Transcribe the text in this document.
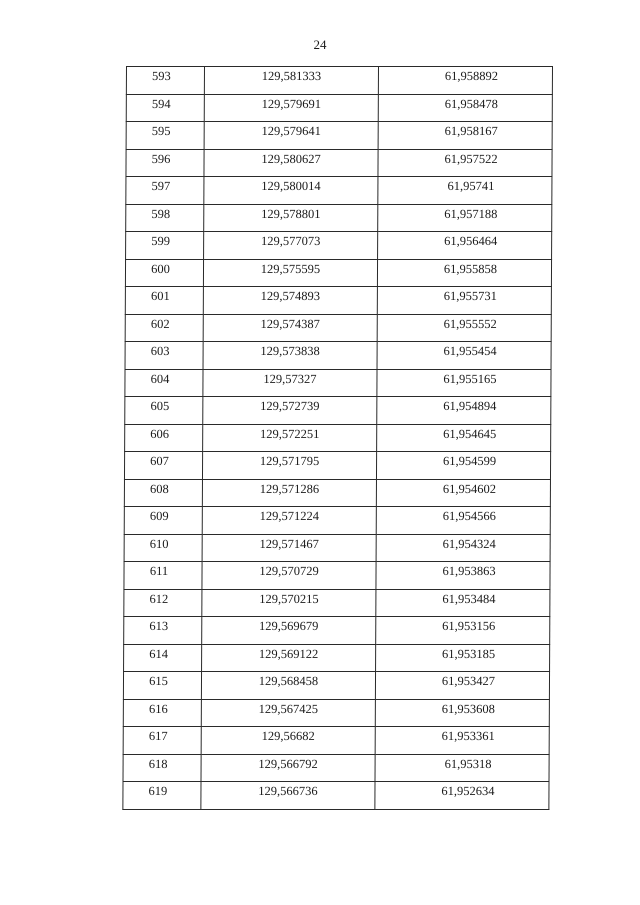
24
593	129,581333	61,958892
594	129,579691	61,958478
595	129,579641	61,958167
596	129,580627	61,957522
597	129,580014	61,95741
598	129,578801	61,957188
599	129,577073	61,956464
600	129,575595	61,955858
601	129,574893	61,955731
602	129,574387	61,955552
603	129,573838	61,955454
604	129,57327	61,955165
605	129,572739	61,954894
606	129,572251	61,954645
607	129,571795	61,954599
608	129,571286	61,954602
609	129,571224	61,954566
610	129,571467	61,954324
611	129,570729	61,953863
612	129,570215	61,953484
613	129,569679	61,953156
614	129,569122	61,953185
615	129,568458	61,953427
616	129,567425	61,953608
617	129,56682	61,953361
618	129,566792	61,95318
619	129,566736	61,952634
